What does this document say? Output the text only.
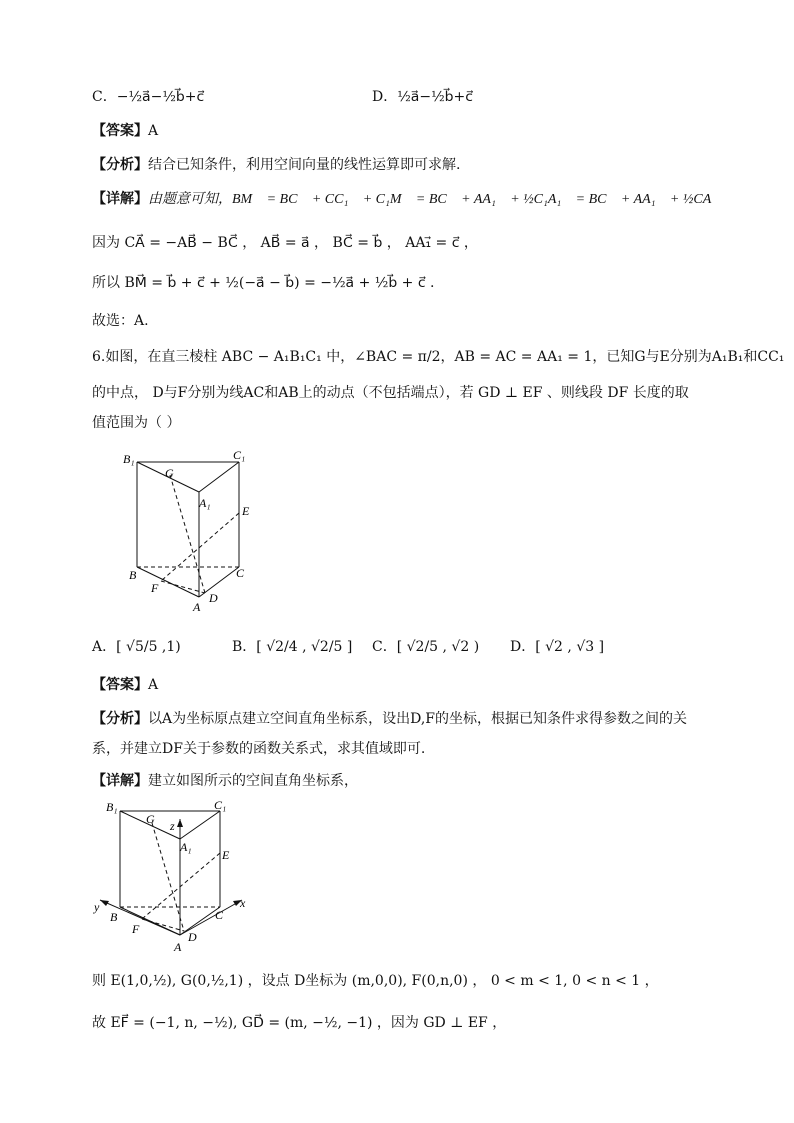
C．−½a⃗−½b⃗+c⃗	D．½a⃗−½b⃗+c⃗
【答案】A
【分析】结合已知条件，利用空间向量的线性运算即可求解.
【详解】由题意可知，BM⃗ = BC⃗ + CC₁⃗ + C₁M⃗ = BC⃗ + AA₁⃗ + ½C₁A₁⃗ = BC⃗ + AA₁⃗ + ½CA⃗ ，
因为 CA⃗ = −AB⃗ − BC⃗ ， AB⃗ = a⃗ ， BC⃗ = b⃗ ， AA₁⃗ = c⃗ ，
所以 BM⃗ = b⃗ + c⃗ + ½(−a⃗ − b⃗) = −½a⃗ + ½b⃗ + c⃗ .
故选：A.
6.如图，在直三棱柱 ABC − A₁B₁C₁ 中，∠BAC = π/2，AB = AC = AA₁ = 1，已知G与E分别为A₁B₁和CC₁
的中点， D与F分别为线AC和AB上的动点（不包括端点），若 GD ⊥ EF 、则线段 DF 长度的取
值范围为（ ）
B₁	C₁
G
A₁
E
B	C
F
D
A
A．[ √5/5 ,1)	B．[ √2/4 , √2/5 ] C．[ √2/5 , √2 ) D．[ √2 , √3 ]
【答案】A
【分析】以A为坐标原点建立空间直角坐标系，设出D,F的坐标，根据已知条件求得参数之间的关
系，并建立DF关于参数的函数关系式，求其值域即可.
【详解】建立如图所示的空间直角坐标系，
B₁	C₁
G z
A₁
E
y
B	C
x
F
D
A
则 E(1,0,½), G(0,½,1) ，设点 D坐标为 (m,0,0), F(0,n,0) ， 0 < m < 1, 0 < n < 1 ，
故 EF⃗ = (−1, n, −½), GD⃗ = (m, −½, −1) ，因为 GD ⊥ EF ，
